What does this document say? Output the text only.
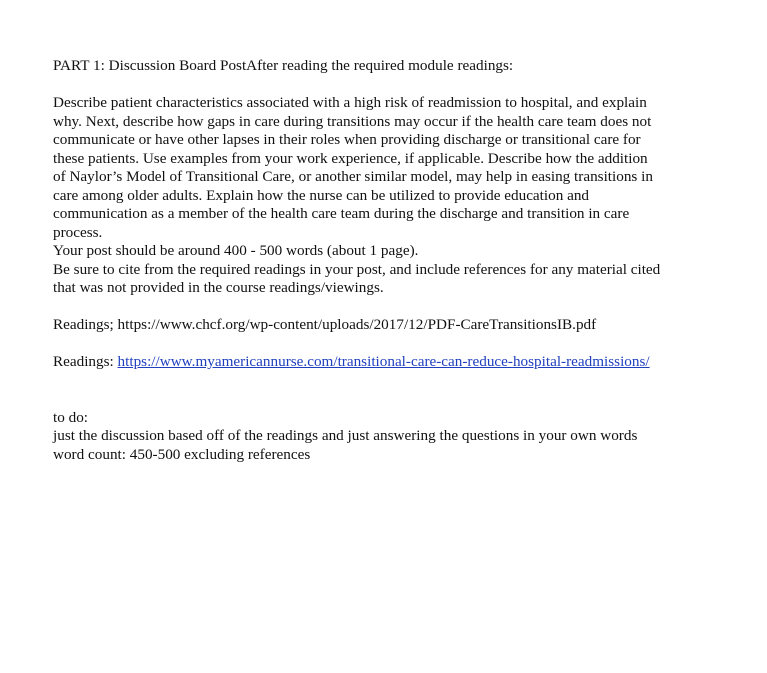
PART 1: Discussion Board PostAfter reading the required module readings:

Describe patient characteristics associated with a high risk of readmission to hospital, and explain
why. Next, describe how gaps in care during transitions may occur if the health care team does not
communicate or have other lapses in their roles when providing discharge or transitional care for
these patients. Use examples from your work experience, if applicable. Describe how the addition
of Naylor’s Model of Transitional Care, or another similar model, may help in easing transitions in
care among older adults. Explain how the nurse can be utilized to provide education and
communication as a member of the health care team during the discharge and transition in care
process.

Your post should be around 400 - 500 words (about 1 page).

Be sure to cite from the required readings in your post, and include references for any material cited
that was not provided in the course readings/viewings.

Readings; https://www.chcf.org/wp-content/uploads/2017/12/PDF-CareTransitionsIB.pdf

Readings: https://www.myamericannurse.com/transitional-care-can-reduce-hospital-readmissions/

to do:
just the discussion based off of the readings and just answering the questions in your own words
word count: 450-500 excluding references
